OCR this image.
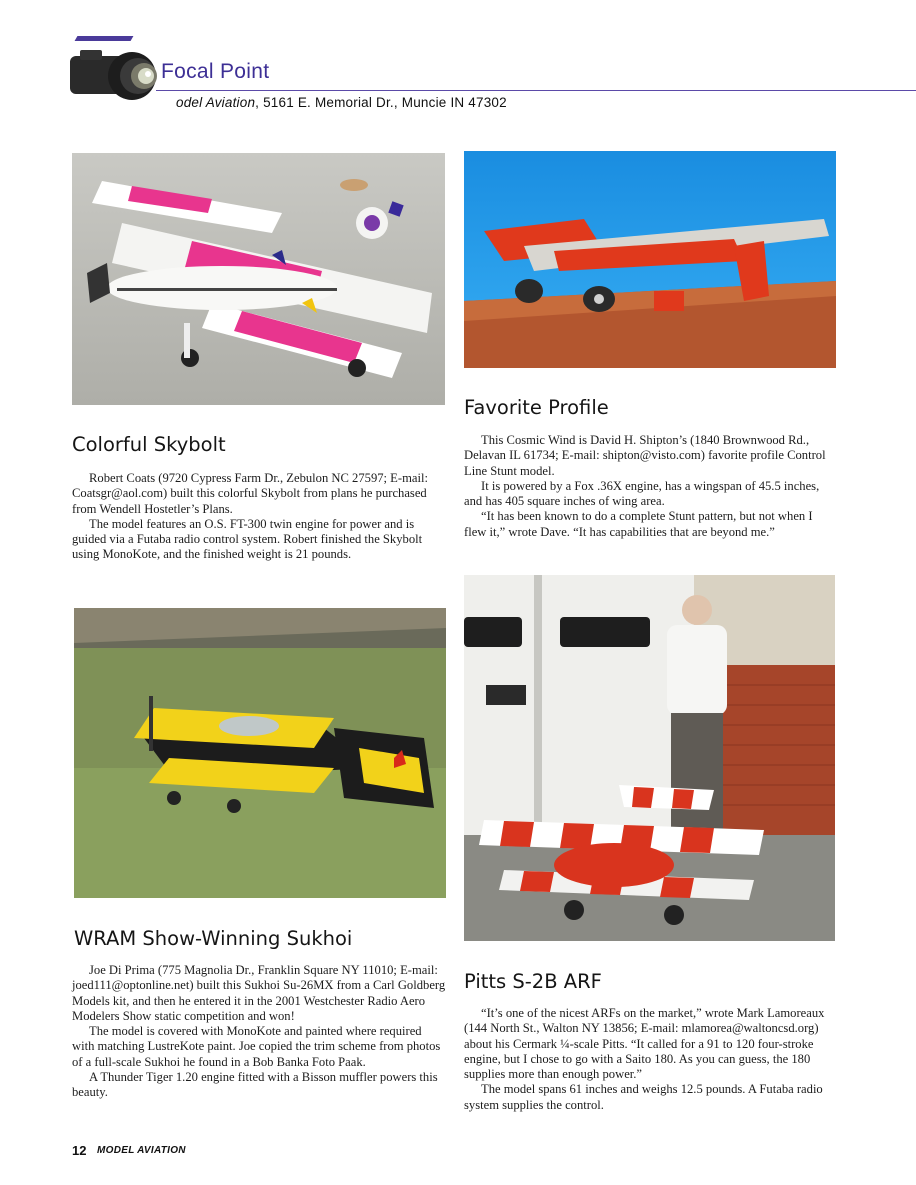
Focal Point
odel Aviation, 5161 E. Memorial Dr., Muncie IN 47302
Colorful Skybolt

Robert Coats (9720 Cypress Farm Dr., Zebulon NC 27597; E-mail: Coatsgr@aol.com) built this colorful Skybolt from plans he purchased from Wendell Hostetler’s Plans.

The model features an O.S. FT-300 twin engine for power and is guided via a Futaba radio control system. Robert finished the Skybolt using MonoKote, and the finished weight is 21 pounds.

Favorite Profile

This Cosmic Wind is David H. Shipton’s (1840 Brownwood Rd., Delavan IL 61734; E-mail: shipton@visto.com) favorite profile Control Line Stunt model.

It is powered by a Fox .36X engine, has a wingspan of 45.5 inches, and has 405 square inches of wing area.

“It has been known to do a complete Stunt pattern, but not when I flew it,” wrote Dave. “It has capabilities that are beyond me.”

WRAM Show-Winning Sukhoi

Joe Di Prima (775 Magnolia Dr., Franklin Square NY 11010; E-mail: joed111@optonline.net) built this Sukhoi Su-26MX from a Carl Goldberg Models kit, and then he entered it in the 2001 Westchester Radio Aero Modelers Show static competition and won!

The model is covered with MonoKote and painted where required with matching LustreKote paint. Joe copied the trim scheme from photos of a full-scale Sukhoi he found in a Bob Banka Foto Paak.

A Thunder Tiger 1.20 engine fitted with a Bisson muffler powers this beauty.

Pitts S-2B ARF

“It’s one of the nicest ARFs on the market,” wrote Mark Lamoreaux (144 North St., Walton NY 13856; E-mail: mlamorea@waltoncsd.org) about his Cermark ¼-scale Pitts. “It called for a 91 to 120 four-stroke engine, but I chose to go with a Saito 180. As you can guess, the 180 supplies more than enough power.”

The model spans 61 inches and weighs 12.5 pounds. A Futaba radio system supplies the control.

12 MODEL AVIATION
